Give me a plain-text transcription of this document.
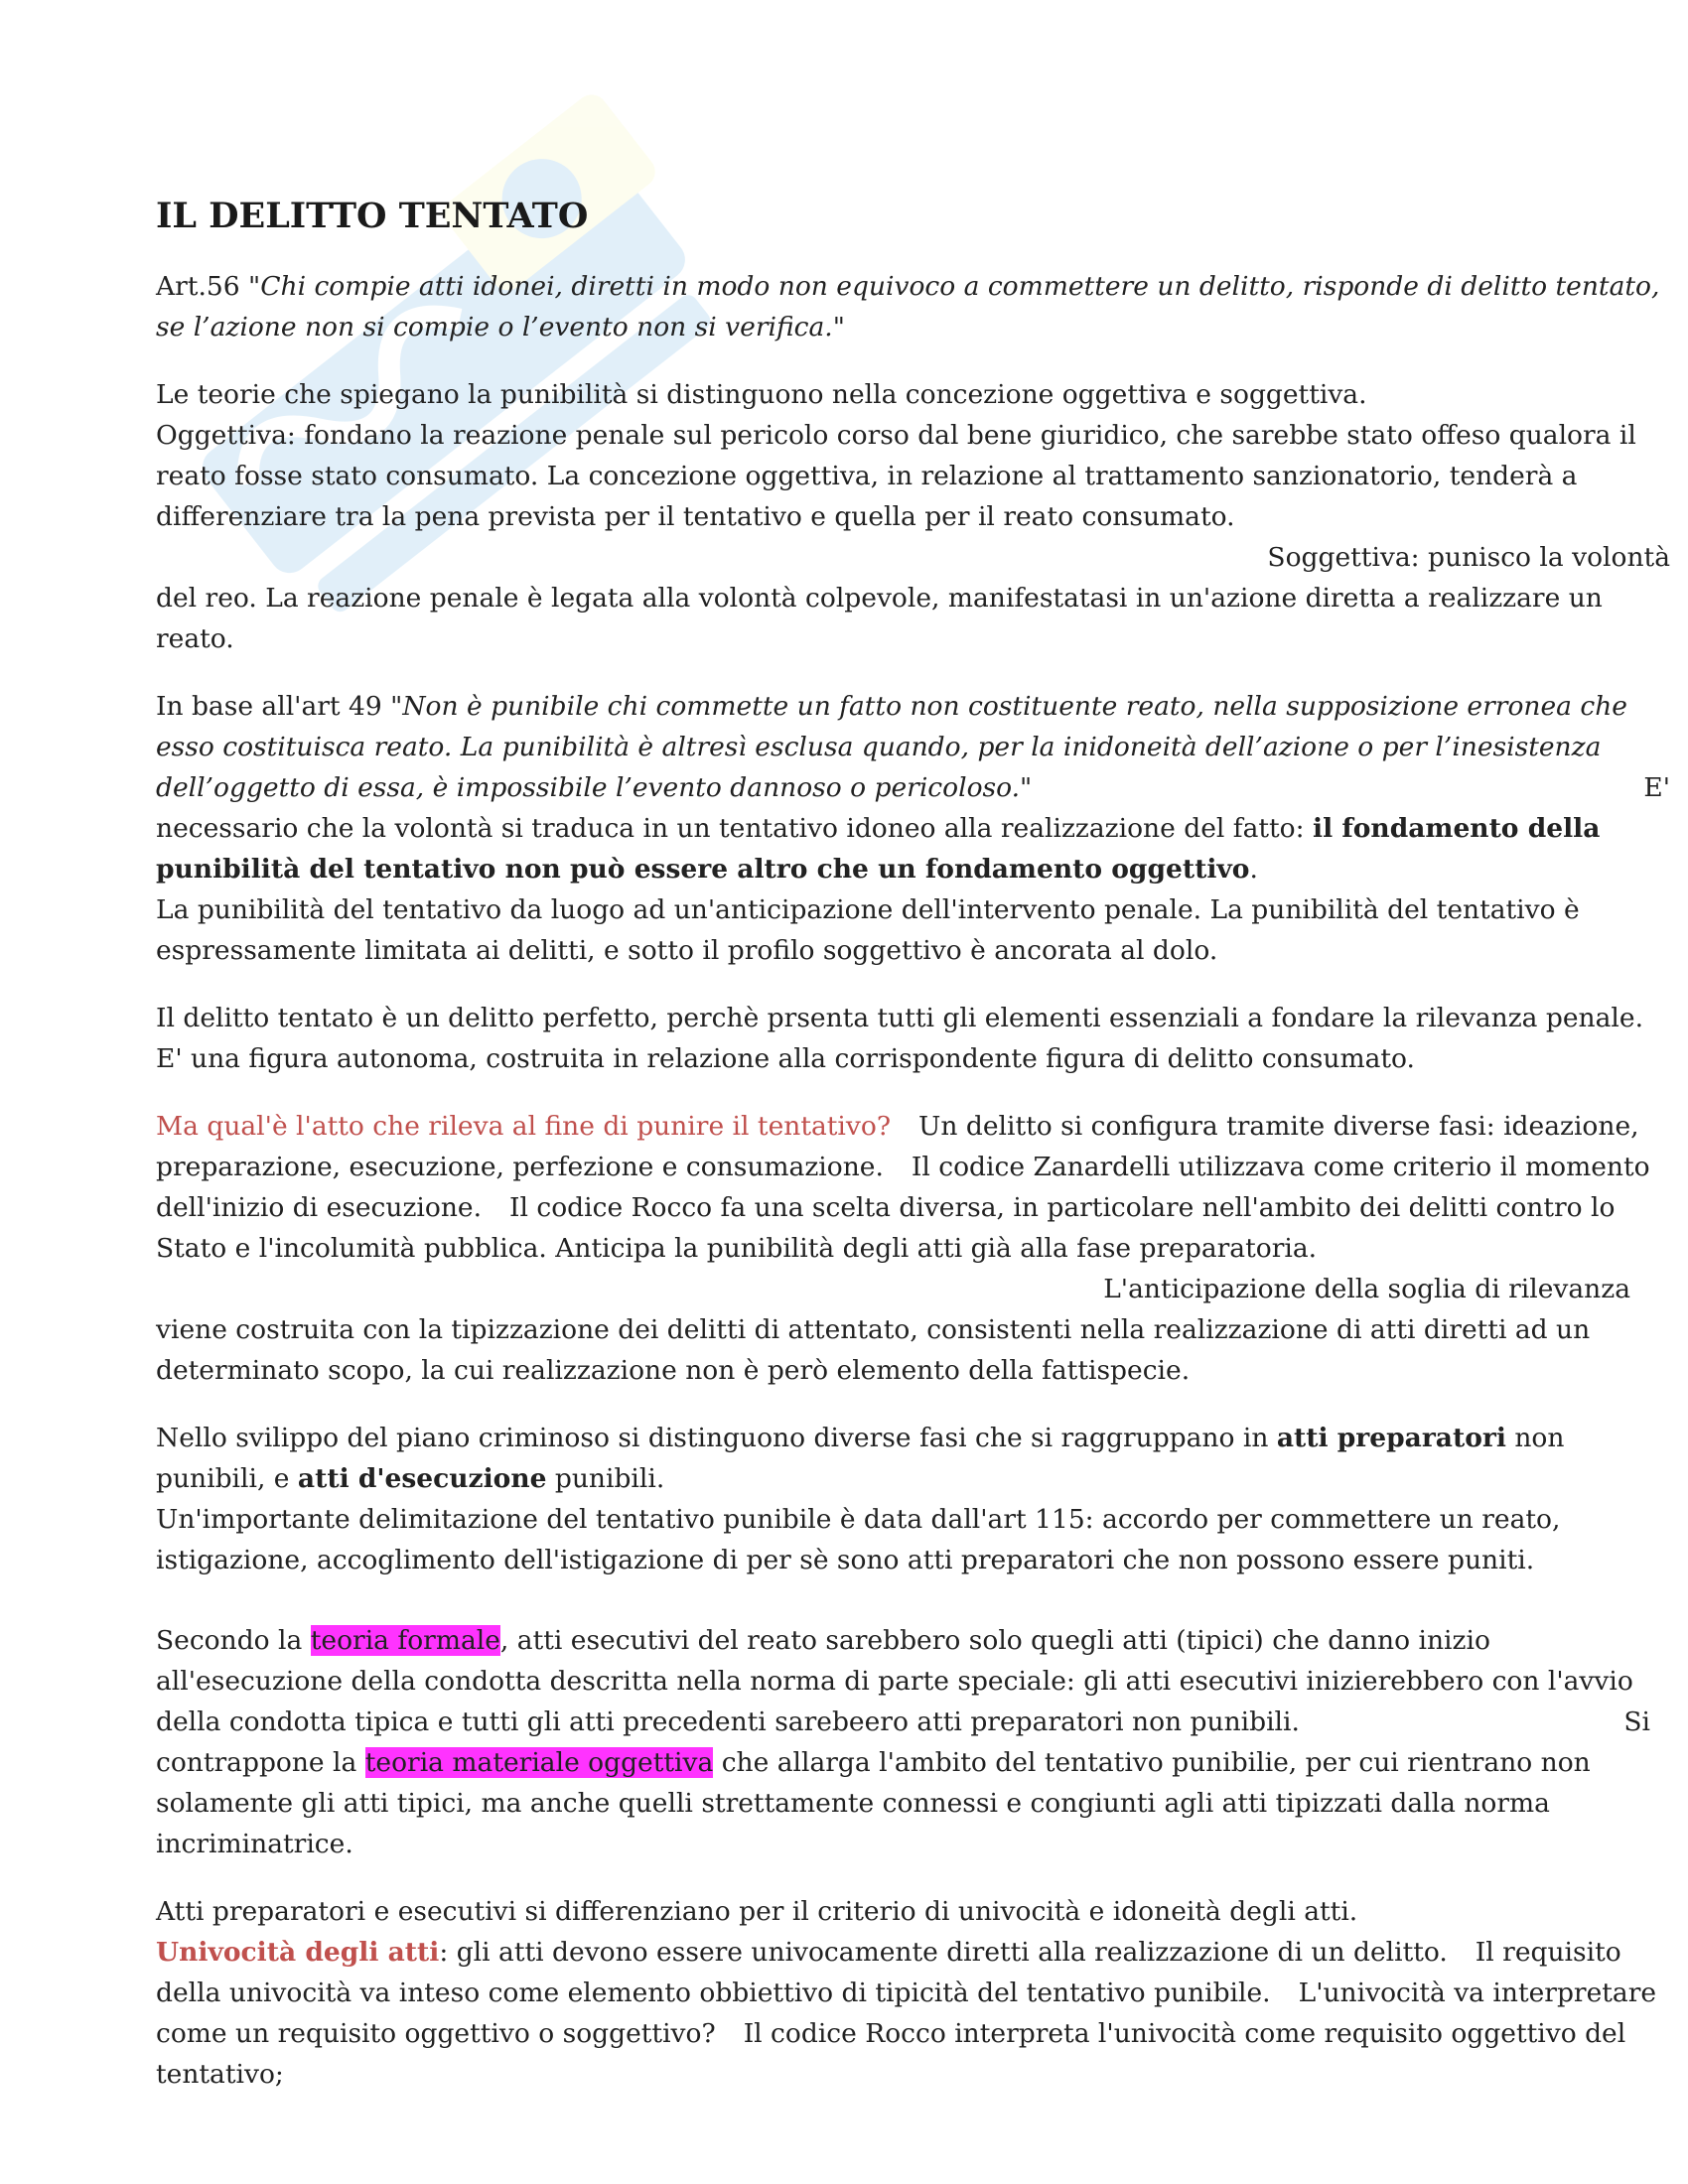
IL DELITTO TENTATO

Art.56 "Chi compie atti idonei, diretti in modo non equivoco a commettere un delitto, risponde di delitto tentato, se l’azione non si compie o l’evento non si verifica."

Le teorie che spiegano la punibilità si distinguono nella concezione oggettiva e soggettiva.
Oggettiva: fondano la reazione penale sul pericolo corso dal bene giuridico, che sarebbe stato offeso qualora il reato fosse stato consumato. La concezione oggettiva, in relazione al trattamento sanzionatorio, tenderà a differenziare tra la pena prevista per il tentativo e quella per il reato consumato.
Soggettiva: punisco la volontà
del reo. La reazione penale è legata alla volontà colpevole, manifestatasi in un'azione diretta a realizzare un reato.

In base all'art 49 "Non è punibile chi commette un fatto non costituente reato, nella supposizione erronea che esso costituisca reato. La punibilità è altresì esclusa quando, per la inidoneità dell’azione o per l’inesistenza dell’oggetto di essa, è impossibile l’evento dannoso o pericoloso."	E'
necessario che la volontà si traduca in un tentativo idoneo alla realizzazione del fatto: il fondamento della punibilità del tentativo non può essere altro che un fondamento oggettivo.
La punibilità del tentativo da luogo ad un'anticipazione dell'intervento penale. La punibilità del tentativo è espressamente limitata ai delitti, e sotto il profilo soggettivo è ancorata al dolo.

Il delitto tentato è un delitto perfetto, perchè prsenta tutti gli elementi essenziali a fondare la rilevanza penale. E' una figura autonoma, costruita in relazione alla corrispondente figura di delitto consumato.

Ma qual'è l'atto che rileva al fine di punire il tentativo? Un delitto si configura tramite diverse fasi: ideazione, preparazione, esecuzione, perfezione e consumazione. Il codice Zanardelli utilizzava come criterio il momento dell'inizio di esecuzione. Il codice Rocco fa una scelta diversa, in particolare nell'ambito dei delitti contro lo Stato e l'incolumità pubblica. Anticipa la punibilità degli atti già alla fase preparatoria.
L'anticipazione della soglia di rilevanza
viene costruita con la tipizzazione dei delitti di attentato, consistenti nella realizzazione di atti diretti ad un determinato scopo, la cui realizzazione non è però elemento della fattispecie.

Nello svilippo del piano criminoso si distinguono diverse fasi che si raggruppano in atti preparatori non punibili, e atti d'esecuzione punibili.
Un'importante delimitazione del tentativo punibile è data dall'art 115: accordo per commettere un reato, istigazione, accoglimento dell'istigazione di per sè sono atti preparatori che non possono essere puniti.

Secondo la teoria formale, atti esecutivi del reato sarebbero solo quegli atti (tipici) che danno inizio all'esecuzione della condotta descritta nella norma di parte speciale: gli atti esecutivi inizierebbero con l'avvio della condotta tipica e tutti gli atti precedenti sarebeero atti preparatori non punibili.	Si
contrappone la teoria materiale oggettiva che allarga l'ambito del tentativo punibilie, per cui rientrano non solamente gli atti tipici, ma anche quelli strettamente connessi e congiunti agli atti tipizzati dalla norma incriminatrice.

Atti preparatori e esecutivi si differenziano per il criterio di univocità e idoneità degli atti.
Univocità degli atti: gli atti devono essere univocamente diretti alla realizzazione di un delitto. Il requisito della univocità va inteso come elemento obbiettivo di tipicità del tentativo punibile. L'univocità va interpretare come un requisito oggettivo o soggettivo? Il codice Rocco interpreta l'univocità come requisito oggettivo del tentativo;
